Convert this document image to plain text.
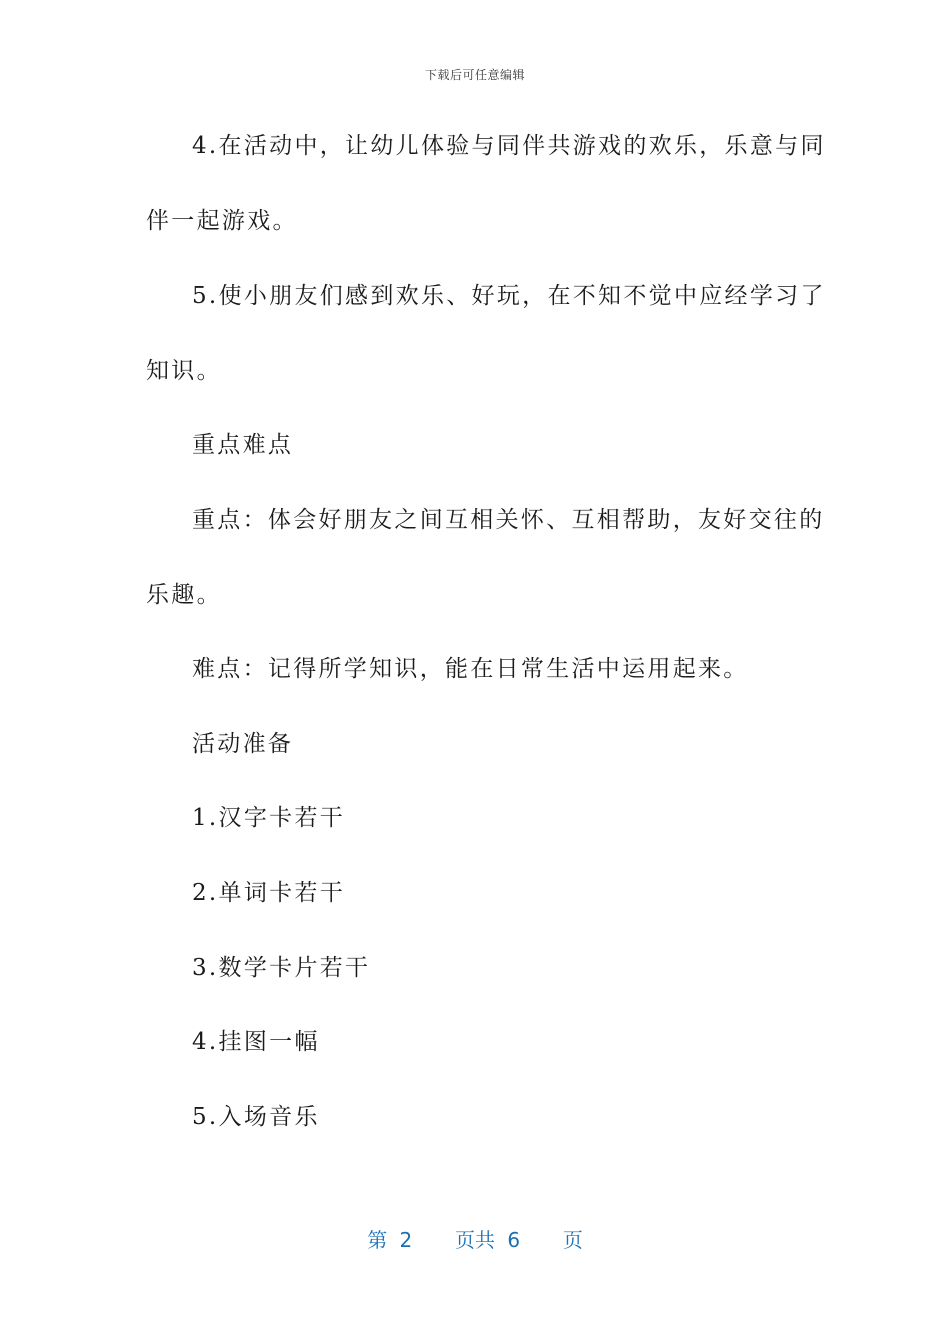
下载后可任意编辑
4.在活动中，让幼儿体验与同伴共游戏的欢乐，乐意与同
伴一起游戏。
5.使小朋友们感到欢乐、好玩，在不知不觉中应经学习了
知识。
重点难点
重点：体会好朋友之间互相关怀、互相帮助，友好交往的
乐趣。
难点：记得所学知识，能在日常生活中运用起来。
活动准备
1.汉字卡若干
2.单词卡若干
3.数学卡片若干
4.挂图一幅
5.入场音乐
第 2 页共 6 页
